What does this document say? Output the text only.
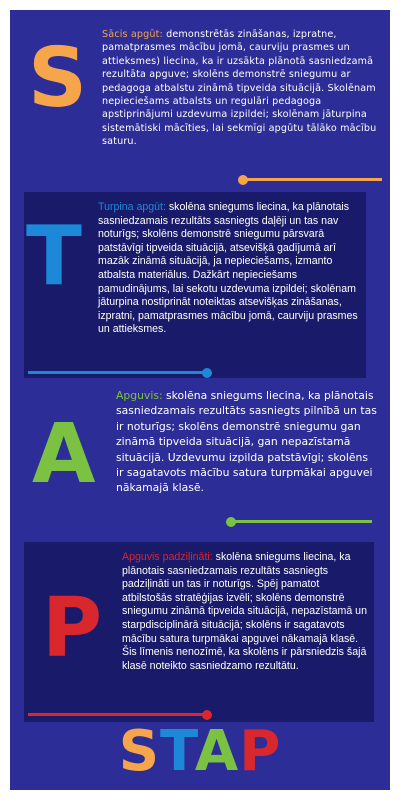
S Sācis apgūt: demonstrētās zināšanas, izpratne, pamatprasmes mācību jomā, caurviju prasmes un attieksmes) liecina, ka ir uzsākta plānotā sasniedzamā rezultāta apguve; skolēns demonstrē sniegumu ar pedagoga atbalstu zināmā tipveida situācijā. Skolēnam nepieciešams atbalsts un regulāri pedagoga apstiprinājumi uzdevuma izpildei; skolēnam jāturpina sistemātiski mācīties, lai sekmīgi apgūtu tālāko mācību saturu.

T

Turpina apgūt: skolēna sniegums liecina, ka plānotais sasniedzamais rezultāts sasniegts daļēji un tas nav noturīgs; skolēns demonstrē sniegumu pārsvarā patstāvīgi tipveida situācijā, atsevišķā gadījumā arī mazāk zināmā situācijā, ja nepieciešams, izmanto atbalsta materiālus. Dažkārt nepieciešams pamudinājums, lai sekotu uzdevuma izpildei; skolēnam jāturpina nostiprināt noteiktas atsevišķas zināšanas, izpratni, pamatprasmes mācību jomā, caurviju prasmes un attieksmes.

A

Apguvis: skolēna sniegums liecina, ka plānotais sasniedzamais rezultāts sasniegts pilnībā un tas ir noturīgs; skolēns demonstrē sniegumu gan zināmā tipveida situācijā, gan nepazīstamā situācijā. Uzdevumu izpilda patstāvīgi; skolēns ir sagatavots mācību satura turpmākai apguvei nākamajā klasē.

P

Apguvis padziļināti: skolēna sniegums liecina, ka plānotais sasniedzamais rezultāts sasniegts padziļināti un tas ir noturīgs. Spēj pamatot atbilstošās stratēģijas izvēli; skolēns demonstrē sniegumu zināmā tipveida situācijā, nepazīstamā un starpdisciplinārā situācijā; skolēns ir sagatavots mācību satura turpmākai apguvei nākamajā klasē. Šis līmenis nenozīmē, ka skolēns ir pārsniedzis šajā klasē noteikto sasniedzamo rezultātu.

STAP
